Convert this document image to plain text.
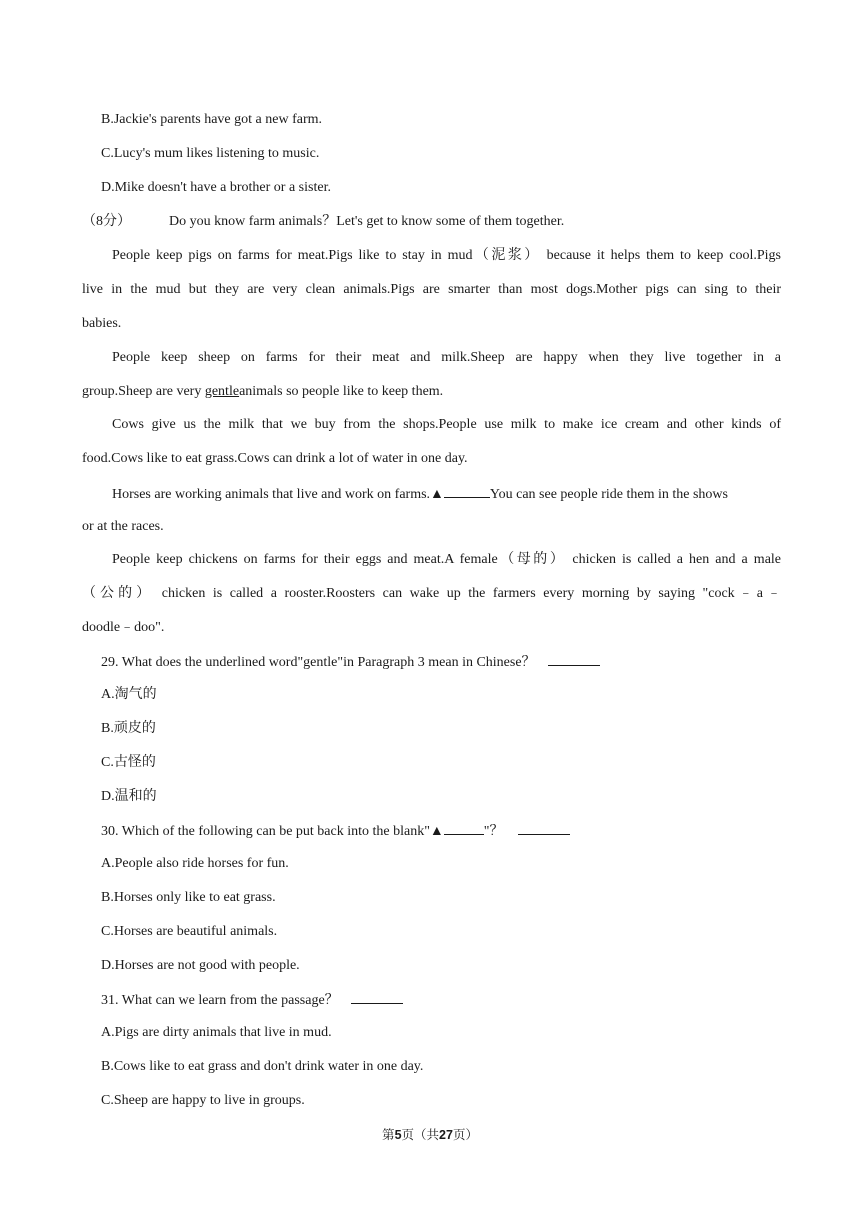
B.Jackie's parents have got a new farm.
C.Lucy's mum likes listening to music.
D.Mike doesn't have a brother or a sister.
（8分）	Do you know farm animals？Let's get to know some of them together.
People keep pigs on farms for meat.Pigs like to stay in mud（泥浆） because it helps them to keep cool.Pigs
live in the mud but they are very clean animals.Pigs are smarter than most dogs.Mother pigs can sing to their
babies.
People keep sheep on farms for their meat and milk.Sheep are happy when they live together in a
group.Sheep are very gentleanimals so people like to keep them.
Cows give us the milk that we buy from the shops.People use milk to make ice cream and other kinds of
food.Cows like to eat grass.Cows can drink a lot of water in one day.
Horses are working animals that live and work on farms.▲	You can see people ride them in the shows
or at the races.
People keep chickens on farms for their eggs and meat.A female（母的） chicken is called a hen and a male
（公的） chicken is called a rooster.Roosters can wake up the farmers every morning by saying "cock﹣a﹣
doodle﹣doo".
29. What does the underlined word"gentle"in Paragraph 3 mean in Chinese？
A.淘气的
B.顽皮的
C.古怪的
D.温和的
30. Which of the following can be put back into the blank"▲	"？
A.People also ride horses for fun.
B.Horses only like to eat grass.
C.Horses are beautiful animals.
D.Horses are not good with people.
31. What can we learn from the passage？
A.Pigs are dirty animals that live in mud.
B.Cows like to eat grass and don't drink water in one day.
C.Sheep are happy to live in groups.
第5页（共27页）
